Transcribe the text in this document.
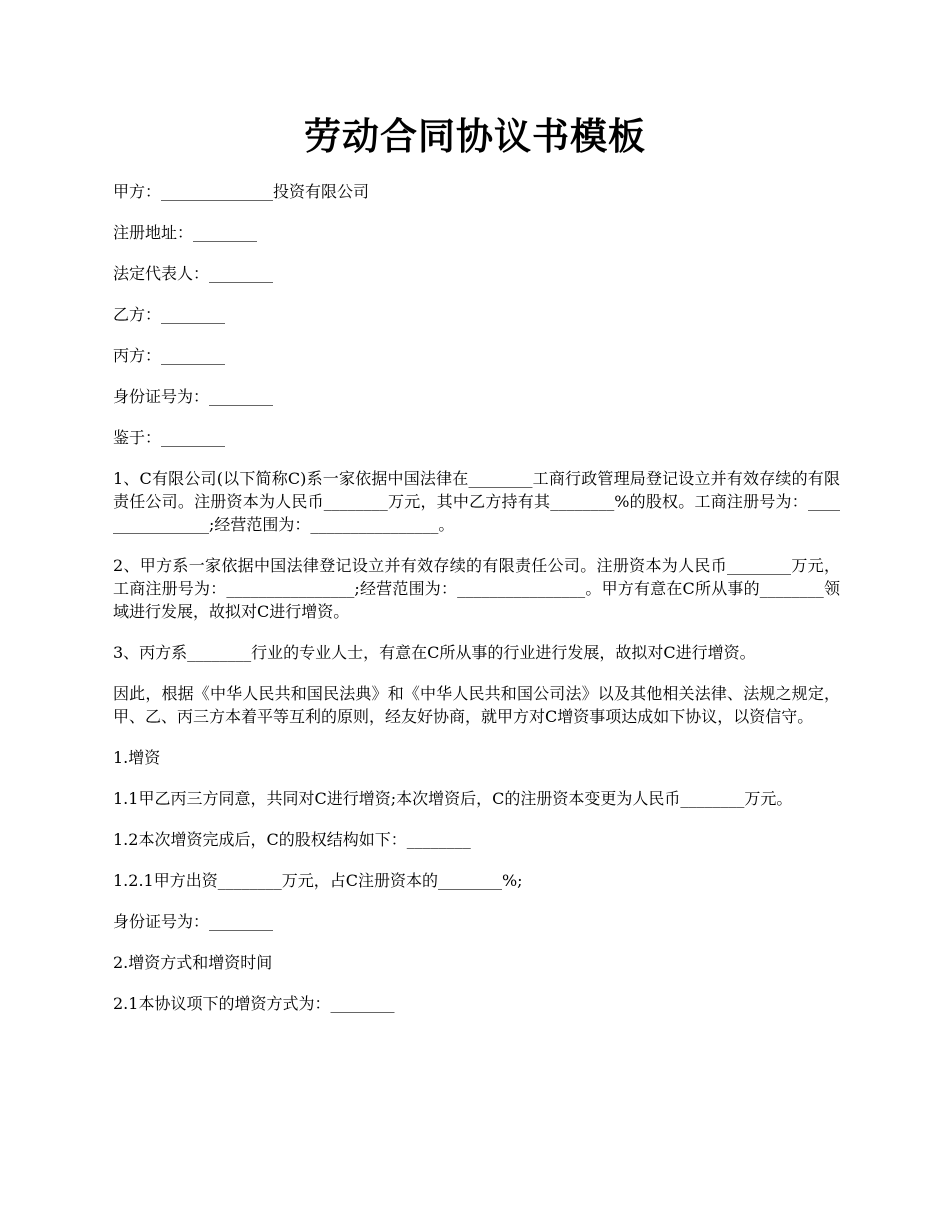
劳动合同协议书模板

甲方：______________投资有限公司

注册地址：________

法定代表人：________

乙方：________

丙方：________

身份证号为：________

鉴于：________

1、C有限公司(以下简称C)系一家依据中国法律在________工商行政管理局登记设立并有效存续的有限责任公司。注册资本为人民币________万元，其中乙方持有其________%的股权。工商注册号为：________________;经营范围为：________________。

2、甲方系一家依据中国法律登记设立并有效存续的有限责任公司。注册资本为人民币________万元，工商注册号为：________________;经营范围为：________________。甲方有意在C所从事的________领域进行发展，故拟对C进行增资。

3、丙方系________行业的专业人士，有意在C所从事的行业进行发展，故拟对C进行增资。

因此，根据《中华人民共和国民法典》和《中华人民共和国公司法》以及其他相关法律、法规之规定，甲、乙、丙三方本着平等互利的原则，经友好协商，就甲方对C增资事项达成如下协议，以资信守。

1.增资

1.1甲乙丙三方同意，共同对C进行增资;本次增资后，C的注册资本变更为人民币________万元。

1.2本次增资完成后，C的股权结构如下：________

1.2.1甲方出资________万元，占C注册资本的________%;

身份证号为：________

2.增资方式和增资时间

2.1本协议项下的增资方式为：________
